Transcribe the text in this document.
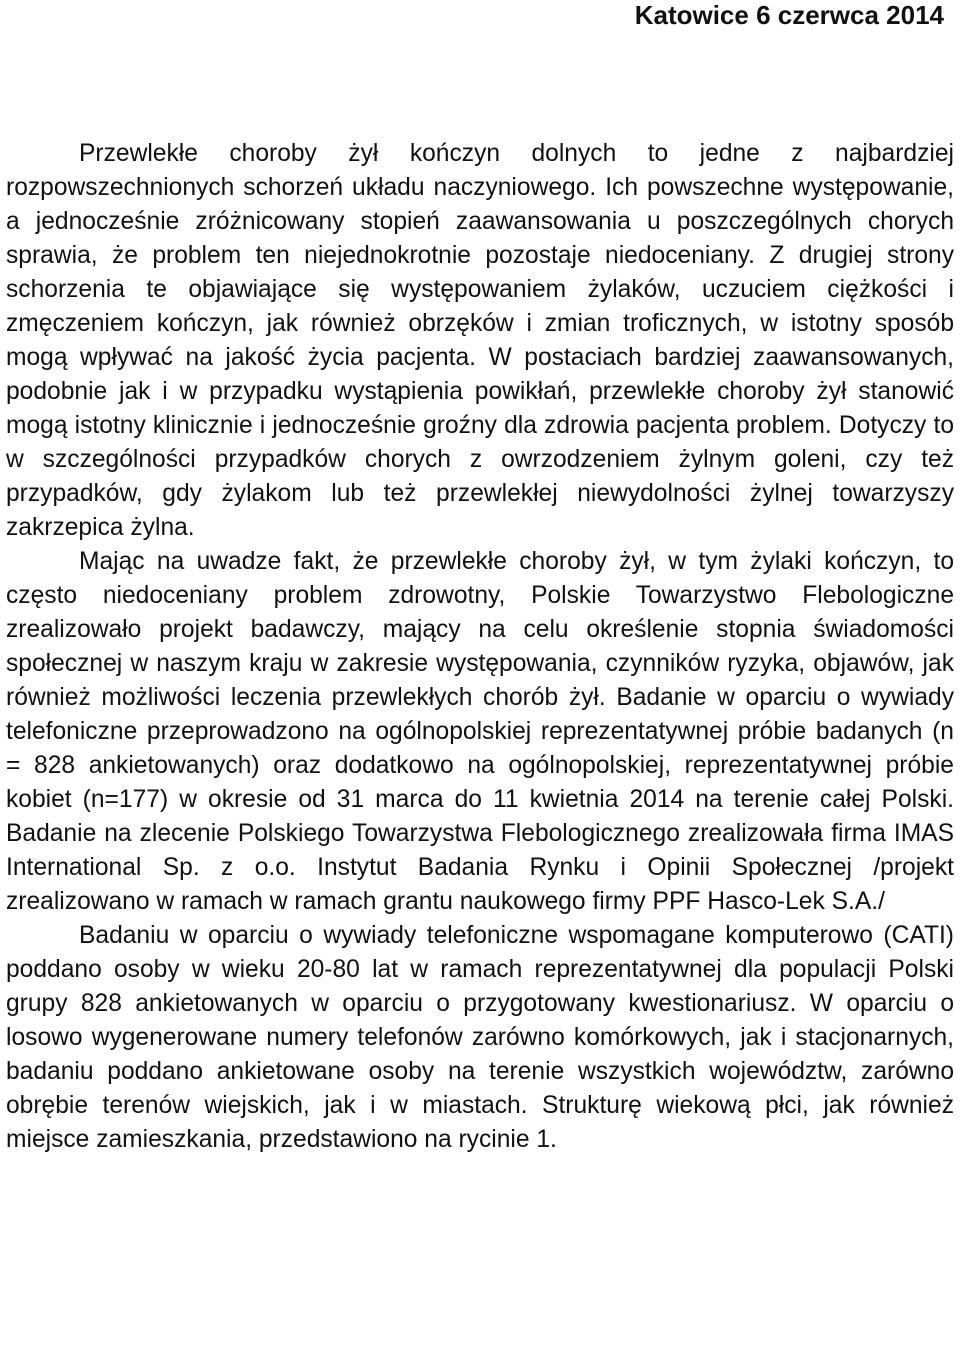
Katowice 6 czerwca 2014

Przewlekłe choroby żył kończyn dolnych to jedne z najbardziej rozpowszechnionych schorzeń układu naczyniowego. Ich powszechne występowanie, a jednocześnie zróżnicowany stopień zaawansowania u poszczególnych chorych sprawia, że problem ten niejednokrotnie pozostaje niedoceniany. Z drugiej strony schorzenia te objawiające się występowaniem żylaków, uczuciem ciężkości i zmęczeniem kończyn, jak również obrzęków i zmian troficznych, w istotny sposób mogą wpływać na jakość życia pacjenta. W postaciach bardziej zaawansowanych, podobnie jak i w przypadku wystąpienia powikłań, przewlekłe choroby żył stanowić mogą istotny klinicznie i jednocześnie groźny dla zdrowia pacjenta problem. Dotyczy to w szczególności przypadków chorych z owrzodzeniem żylnym goleni, czy też przypadków, gdy żylakom lub też przewlekłej niewydolności żylnej towarzyszy zakrzepica żylna.

Mając na uwadze fakt, że przewlekłe choroby żył, w tym żylaki kończyn, to często niedoceniany problem zdrowotny, Polskie Towarzystwo Flebologiczne zrealizowało projekt badawczy, mający na celu określenie stopnia świadomości społecznej w naszym kraju w zakresie występowania, czynników ryzyka, objawów, jak również możliwości leczenia przewlekłych chorób żył. Badanie w oparciu o wywiady telefoniczne przeprowadzono na ogólnopolskiej reprezentatywnej próbie badanych (n = 828 ankietowanych) oraz dodatkowo na ogólnopolskiej, reprezentatywnej próbie kobiet (n=177) w okresie od 31 marca do 11 kwietnia 2014 na terenie całej Polski. Badanie na zlecenie Polskiego Towarzystwa Flebologicznego zrealizowała firma IMAS International Sp. z o.o. Instytut Badania Rynku i Opinii Społecznej /projekt zrealizowano w ramach w ramach grantu naukowego firmy PPF Hasco-Lek S.A./

Badaniu w oparciu o wywiady telefoniczne wspomagane komputerowo (CATI) poddano osoby w wieku 20-80 lat w ramach reprezentatywnej dla populacji Polski grupy 828 ankietowanych w oparciu o przygotowany kwestionariusz. W oparciu o losowo wygenerowane numery telefonów zarówno komórkowych, jak i stacjonarnych, badaniu poddano ankietowane osoby na terenie wszystkich województw, zarówno obrębie terenów wiejskich, jak i w miastach. Strukturę wiekową płci, jak również miejsce zamieszkania, przedstawiono na rycinie 1.
